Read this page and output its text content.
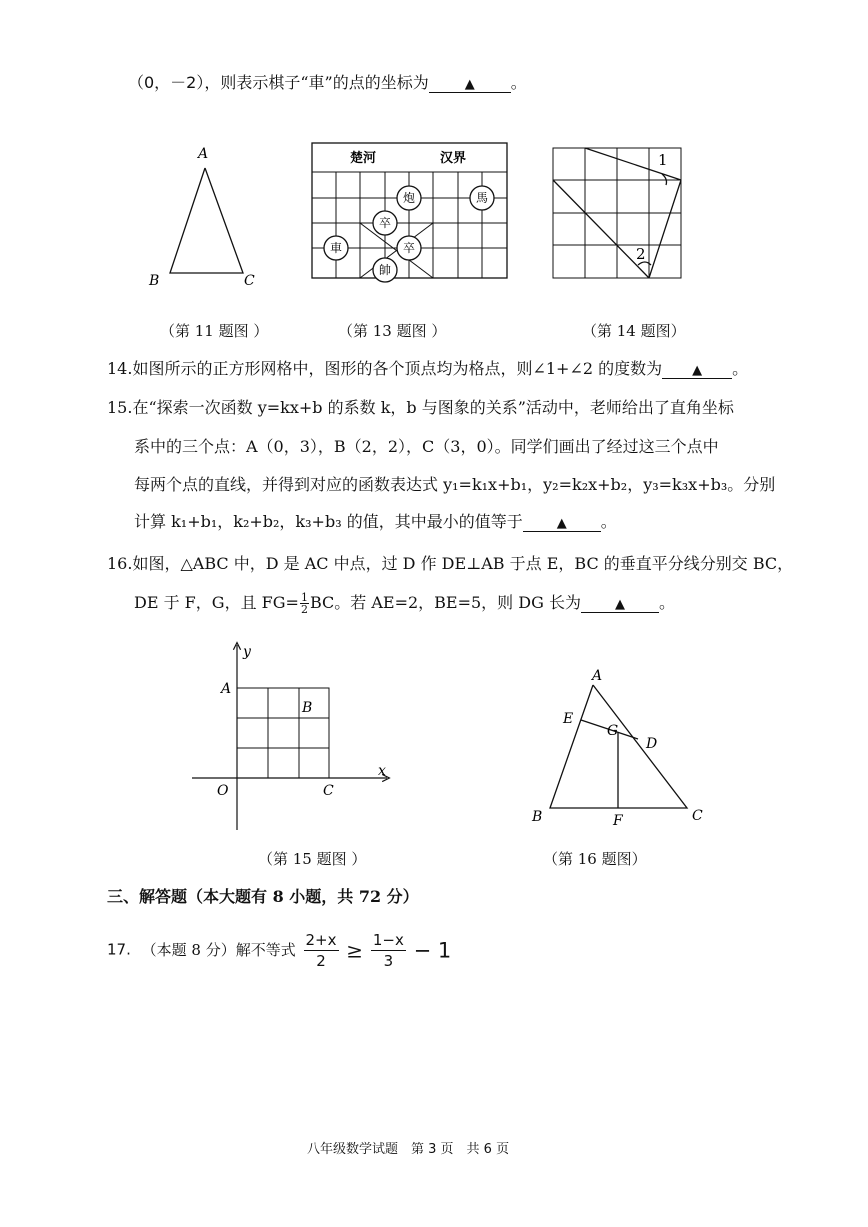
（0，－2），则表示棋子“車”的点的坐标为	▲ 。
A
B	C
（第 11 题图 ）
楚河	汉界
炮	馬
卒
車	卒
帥
（第 13 题图 ）
1
2
（第 14 题图）
14.如图所示的正方形网格中，图形的各个顶点均为格点，则∠1+∠2 的度数为 ▲ 。
15.在“探索一次函数 y=kx+b 的系数 k，b 与图象的关系”活动中，老师给出了直角坐标
系中的三个点：A（0，3），B（2，2），C（3，0）。同学们画出了经过这三个点中
每两个点的直线，并得到对应的函数表达式 y₁=k₁x+b₁，y₂=k₂x+b₂，y₃=k₃x+b₃。分别
计算 k₁+b₁，k₂+b₂，k₃+b₃ 的值，其中最小的值等于	▲ 。
16.如图，△ABC 中，D 是 AC 中点，过 D 作 DE⊥AB 于点 E，BC 的垂直平分线分别交 BC，
DE 于 F，G，且 $FG= \frac{1}{2}$ BC。若 AE=2，BE=5，则 DG 长为	▲ 。
y
A
B
x
O	C
（第 15 题图 ）
A
E
G
D
B	F	C
（第 16 题图）
三、解答题（本大题有 8 小题，共 72 分）
17. （本题 8 分）解不等式 $\frac{2+x}{2} \ge \frac{1-x}{3} - 1$
八年级数学试题　第 3 页　共 6 页
